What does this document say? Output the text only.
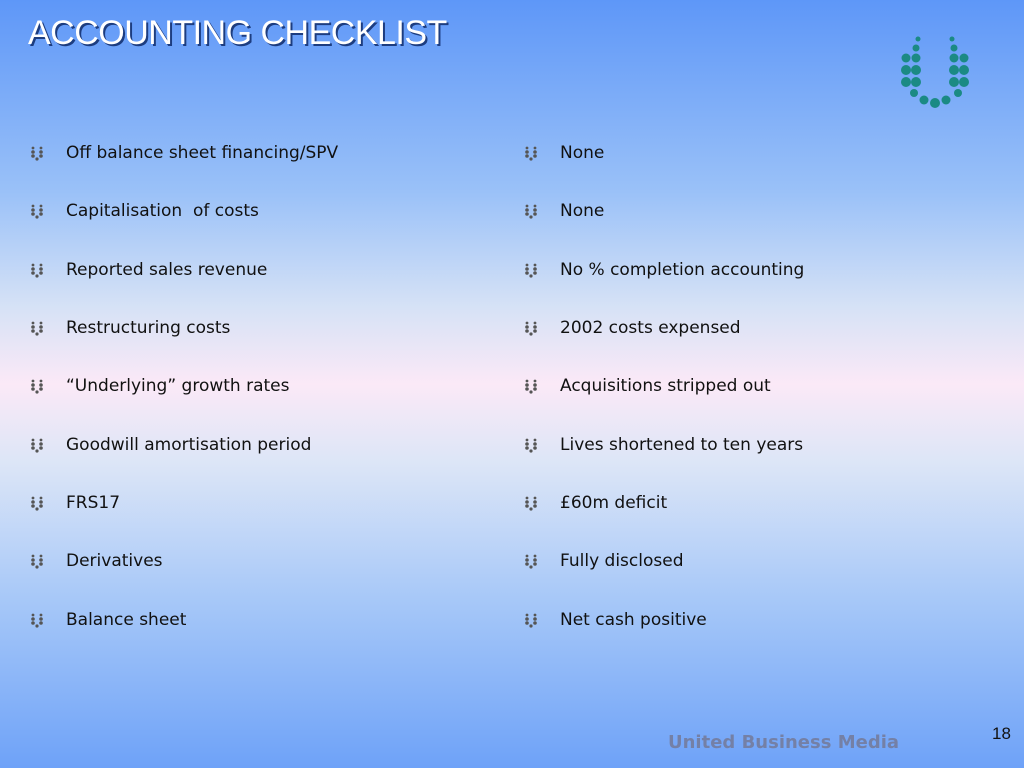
ACCOUNTING CHECKLIST
Off balance sheet financing/SPV
Capitalisation  of costs
Reported sales revenue
Restructuring costs
“Underlying” growth rates
Goodwill amortisation period
FRS17
Derivatives
Balance sheet
None
None
No % completion accounting
2002 costs expensed
Acquisitions stripped out
Lives shortened to ten years
£60m deficit
Fully disclosed
Net cash positive
United Business Media	18
